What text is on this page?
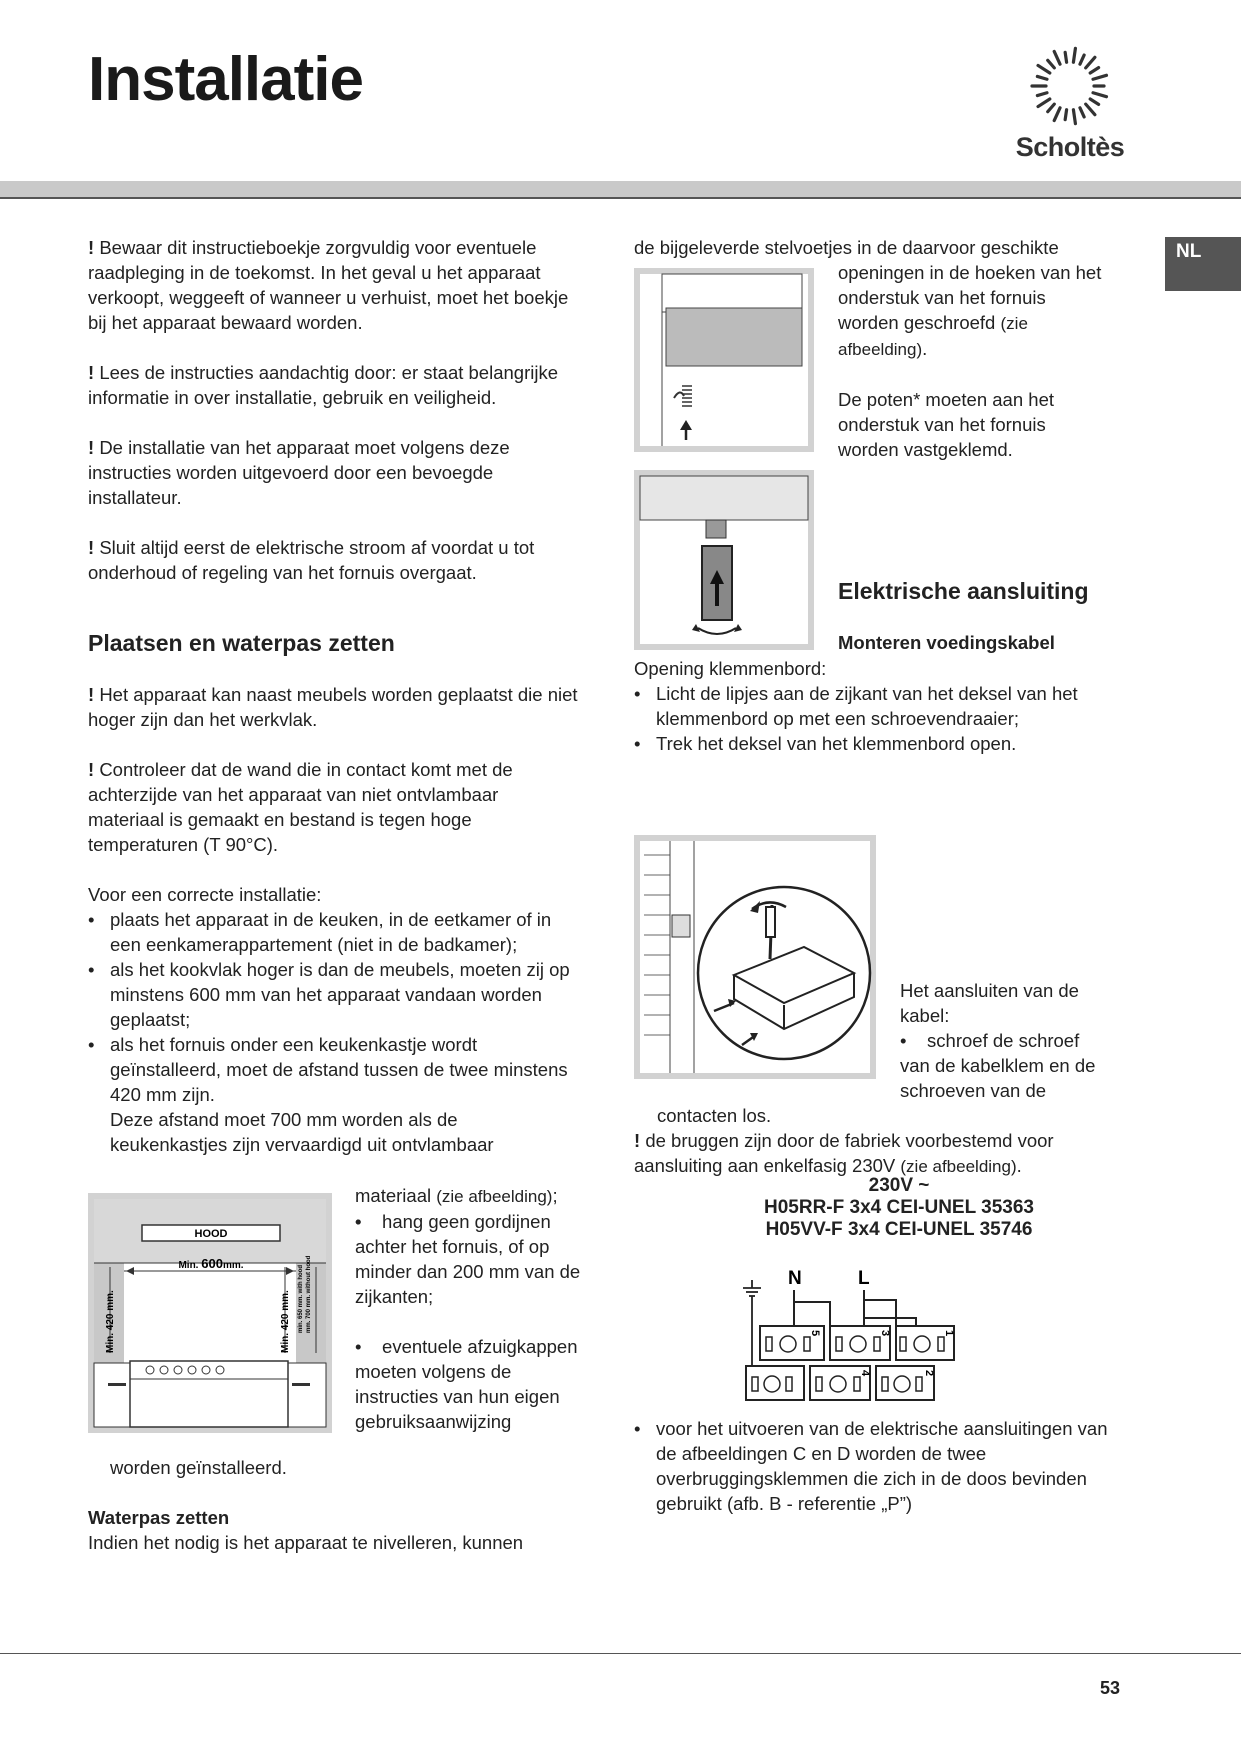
Installatie
Scholtès
NL

! Bewaar dit instructieboekje zorgvuldig voor eventuele raadpleging in de toekomst. In het geval u het apparaat verkoopt, weggeeft of wanneer u verhuist, moet het boekje bij het apparaat bewaard worden.

! Lees de instructies aandachtig door: er staat belangrijke informatie in over installatie, gebruik en veiligheid.

! De installatie van het apparaat moet volgens deze instructies worden uitgevoerd door een bevoegde installateur.

! Sluit altijd eerst de elektrische stroom af voordat u tot onderhoud of regeling van het fornuis overgaat.

Plaatsen en waterpas zetten

! Het apparaat kan naast meubels worden geplaatst die niet hoger zijn dan het werkvlak.

! Controleer dat de wand die in contact komt met de achterzijde van het apparaat van niet ontvlambaar materiaal is gemaakt en bestand is tegen hoge temperaturen (T 90°C).

Voor een correcte installatie:

• plaats het apparaat in de keuken, in de eetkamer of in een eenkamerappartement (niet in de badkamer);
• als het kookvlak hoger is dan de meubels, moeten zij op minstens 600 mm van het apparaat vandaan worden geplaatst;
• als het fornuis onder een keukenkastje wordt geïnstalleerd, moet de afstand tussen de twee minstens 420 mm zijn.
Deze afstand moet 700 mm worden als de keukenkastjes zijn vervaardigd uit ontvlambaar
HOOD
Min. 600mm.
Min. 420 mm.	Min. 420 mm. min. 650 mm. with hood mm. 700 mm. without hood

materiaal (zie afbeelding);

• •    hang geen gordijnen achter het fornuis, of op minder dan 200 mm van de zijkanten;

•    eventuele afzuigkappen moeten volgens de instructies van hun eigen gebruiksaanwijzing

worden geïnstalleerd.

Waterpas zetten

Indien het nodig is het apparaat te nivelleren, kunnen

de bijgeleverde stelvoetjes in de daarvoor geschikte

openingen in de hoeken van het onderstuk van het fornuis worden geschroefd (zie afbeelding).

De poten* moeten aan het onderstuk van het fornuis worden vastgeklemd.

Elektrische aansluiting
Monteren voedingskabel

Opening klemmenbord:

• Licht de lipjes aan de zijkant van het deksel van het klemmenbord op met een schroevendraaier;
• Trek het deksel van het klemmenbord open.

Het aansluiten van de kabel:

•    schroef de schroef van de kabelklem en de schroeven van de

contacten los.

! de bruggen zijn door de fabriek voorbestemd voor aansluiting aan enkelfasig 230V (zie afbeelding).

230V ~
H05RR-F 3x4 CEI-UNEL 35363
H05VV-F 3x4 CEI-UNEL 35746
N	L
5	3	1
4	2
• voor het uitvoeren van de elektrische aansluitingen van de afbeeldingen C en D worden de twee overbruggingsklemmen die zich in de doos bevinden gebruikt (afb. B - referentie „P”)
53
